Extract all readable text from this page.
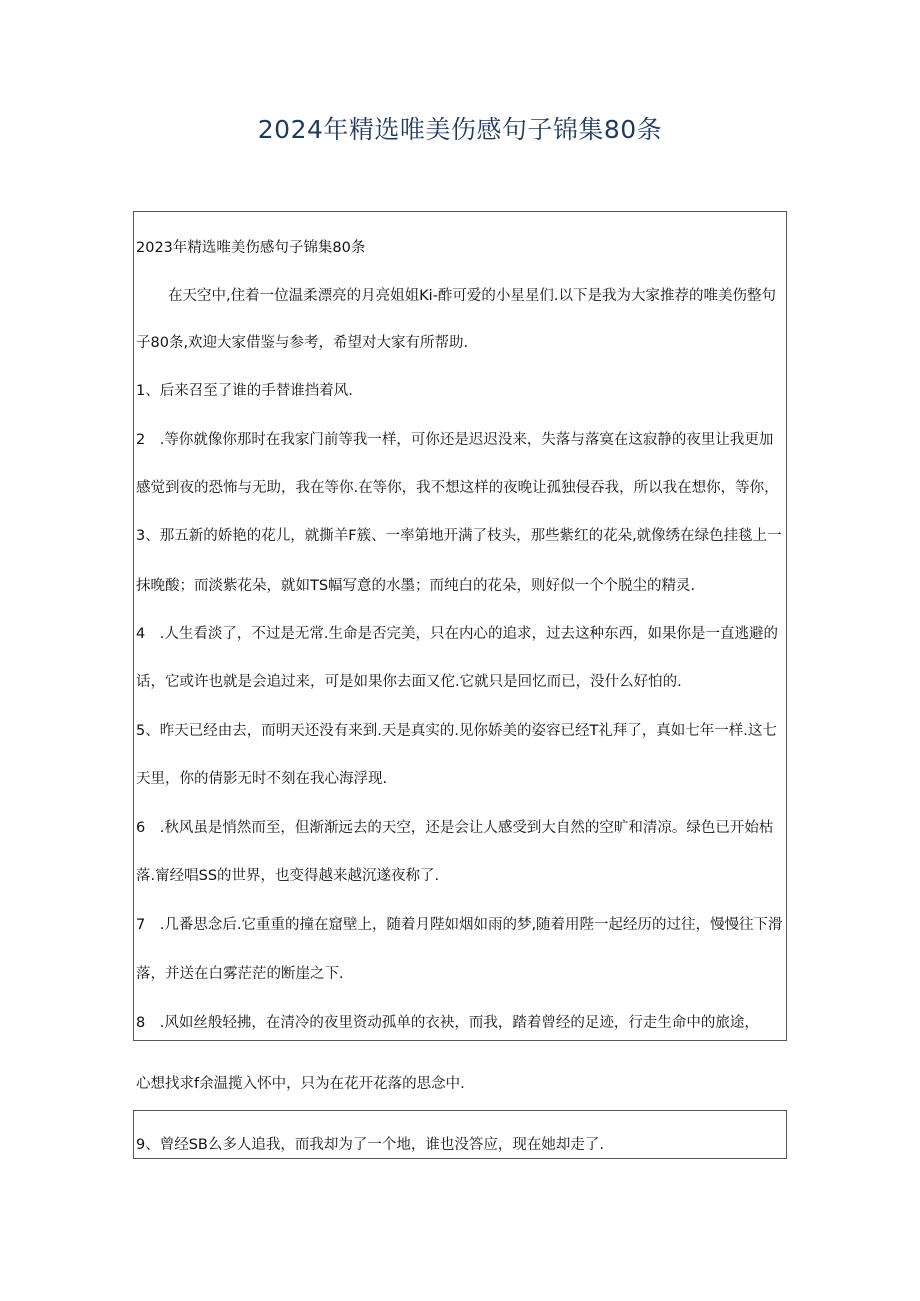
2024年精选唯美伤感句子锦集80条
2023年精选唯美伤感句子锦集80条
在天空中,住着一位温柔漂亮的月亮姐姐Ki-酢可爱的小星星们.以下是我为大家推荐的唯美伤整句
子80条,欢迎大家借鉴与参考，希望对大家有所帮助.
1、后来召至了谁的手替谁挡着风.
2　.等你就像你那时在我家门前等我一样，可你还是迟迟没来，失落与落寞在这寂静的夜里让我更加
感觉到夜的恐怖与无助，我在等你.在等你，我不想这样的夜晚让孤独侵吞我，所以我在想你，等你，
3、那五新的娇艳的花儿，就撕羊F簇、一率第地开满了枝头，那些紫红的花朵,就像绣在绿色挂毯上一
抹晚酸；而淡紫花朵，就如TS幅写意的水墨；而纯白的花朵，则好似一个个脱尘的精灵.
4　.人生看淡了，不过是无常.生命是否完美，只在内心的追求，过去这种东西，如果你是一直逃避的
话，它或许也就是会追过来，可是如果你去面又佗.它就只是回忆而已，没什么好怕的.
5、昨天已经由去，而明天还没有来到.天是真实的.见你娇美的姿容已经T礼拜了，真如七年一样.这七
天里，你的倩影无时不刻在我心海浮现.
6　.秋风虽是悄然而至，但渐渐远去的天空，还是会让人感受到大自然的空旷和清凉。绿色已开始枯
落.甯经唱SS的世界，也变得越来越沉遂夜称了.
7　.几番思念后.它重重的撞在窟壁上，随着月陛如烟如雨的梦,随着用陛一起经历的过往，慢慢往下滑
落，并送在白雾茫茫的断崖之下.
8　.风如丝般轻拂，在清冷的夜里资动孤单的衣袂，而我，踏着曾经的足迹，行走生命中的旅途，
心想找求f余温揽入怀中，只为在花开花落的思念中.
9、曾经SB么多人追我，而我却为了一个地，谁也没答应，现在她却走了.
